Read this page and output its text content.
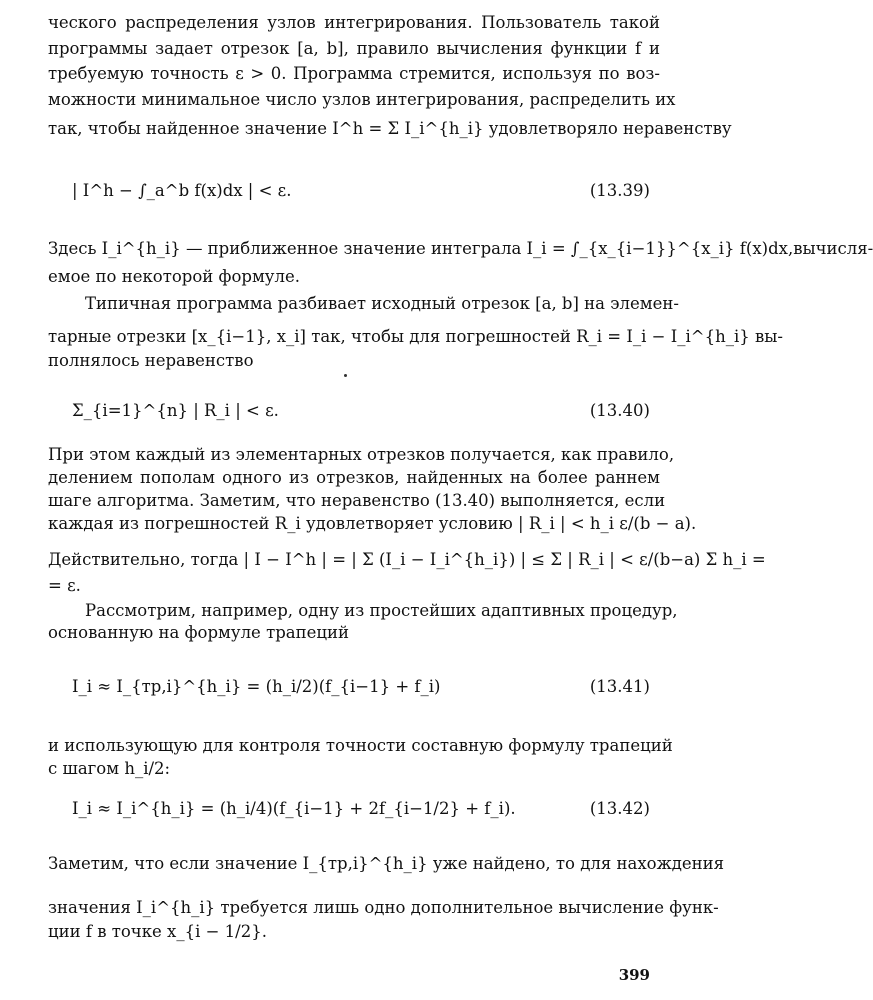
ческого распределения узлов интегрирования. Пользователь такой
программы задает отрезок [a, b], правило вычисления функции f и
требуемую точность ε > 0. Программа стремится, используя по воз-
можности минимальное число узлов интегрирования, распределить их
так, чтобы найденное значение I^h = Σ I_i^{h_i} удовлетворяло неравенству
| I^h − ∫_a^b f(x)dx | < ε.	(13.39)
Здесь I_i^{h_i} — приближенное значение интеграла I_i = ∫_{x_{i−1}}^{x_i} f(x)dx,вычисля-
емое по некоторой формуле.
Типичная программа разбивает исходный отрезок [a, b] на элемен-
тарные отрезки [x_{i−1}, x_i] так, чтобы для погрешностей R_i = I_i − I_i^{h_i} вы-
полнялось неравенство
Σ_{i=1}^{n} | R_i | < ε.	(13.40)
При этом каждый из элементарных отрезков получается, как правило,
делением пополам одного из отрезков, найденных на более раннем
шаге алгоритма. Заметим, что неравенство (13.40) выполняется, если
каждая из погрешностей R_i удовлетворяет условию | R_i | < h_i ε/(b − a).
Действительно, тогда | I − I^h | = | Σ (I_i − I_i^{h_i}) | ≤ Σ | R_i | < ε/(b−a) Σ h_i =
= ε.
Рассмотрим, например, одну из простейших адаптивных процедур,
основанную на формуле трапеций
I_i ≈ I_{тр,i}^{h_i} = (h_i/2)(f_{i−1} + f_i)	(13.41)
и использующую для контроля точности составную формулу трапеций
с шагом h_i/2:
I_i ≈ I_i^{h_i} = (h_i/4)(f_{i−1} + 2f_{i−1/2} + f_i).	(13.42)
Заметим, что если значение I_{тр,i}^{h_i} уже найдено, то для нахождения
значения I_i^{h_i} требуется лишь одно дополнительное вычисление функ-
ции f в точке x_{i − 1/2}.
399
